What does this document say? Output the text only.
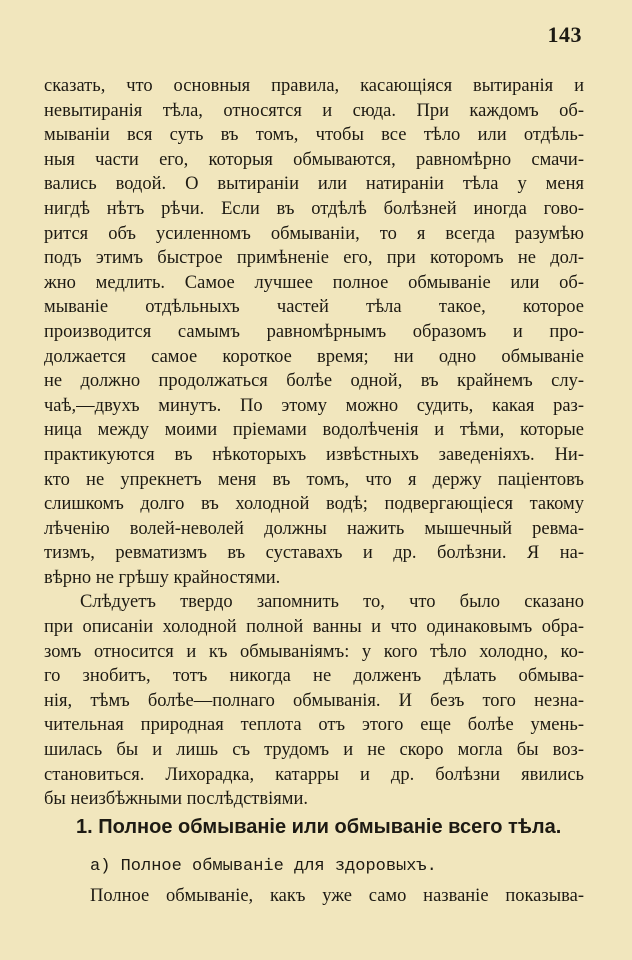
143
сказать, что основныя правила, касающіяся вытиранія и
невытиранія тѣла, относятся и сюда. При каждомъ об-
мываніи вся суть въ томъ, чтобы все тѣло или отдѣль-
ныя части его, которыя обмываются, равномѣрно смачи-
вались водой. О вытираніи или натираніи тѣла у меня
нигдѣ нѣтъ рѣчи. Если въ отдѣлѣ болѣзней иногда гово-
рится объ усиленномъ обмываніи, то я всегда разумѣю
подъ этимъ быстрое примѣненіе его, при которомъ не дол-
жно медлить. Самое лучшее полное обмываніе или об-
мываніе отдѣльныхъ частей тѣла такое, которое
производится самымъ равномѣрнымъ образомъ и про-
должается самое короткое время; ни одно обмываніе
не должно продолжаться болѣе одной, въ крайнемъ слу-
чаѣ,—двухъ минутъ. По этому можно судить, какая раз-
ница между моими пріемами водолѣченія и тѣми, которые
практикуются въ нѣкоторыхъ извѣстныхъ заведеніяхъ. Ни-
кто не упрекнетъ меня въ томъ, что я держу паціентовъ
слишкомъ долго въ холодной водѣ; подвергающіеся такому
лѣченію волей-неволей должны нажить мышечный ревма-
тизмъ, ревматизмъ въ суставахъ и др. болѣзни. Я на-
вѣрно не грѣшу крайностями.
Слѣдуетъ твердо запомнить то, что было сказано
при описаніи холодной полной ванны и что одинаковымъ обра-
зомъ относится и къ обмываніямъ: у кого тѣло холодно, ко-
го знобитъ, тотъ никогда не долженъ дѣлать обмыва-
нія, тѣмъ болѣе—полнаго обмыванія. И безъ того незна-
чительная природная теплота отъ этого еще болѣе умень-
шилась бы и лишь съ трудомъ и не скоро могла бы воз-
становиться. Лихорадка, катарры и др. болѣзни явились
бы неизбѣжными послѣдствіями.
1. Полное обмываніе или обмываніе всего тѣла.
а) Полное обмываніе для здоровыхъ.
Полное обмываніе, какъ уже само названіе показыва-
